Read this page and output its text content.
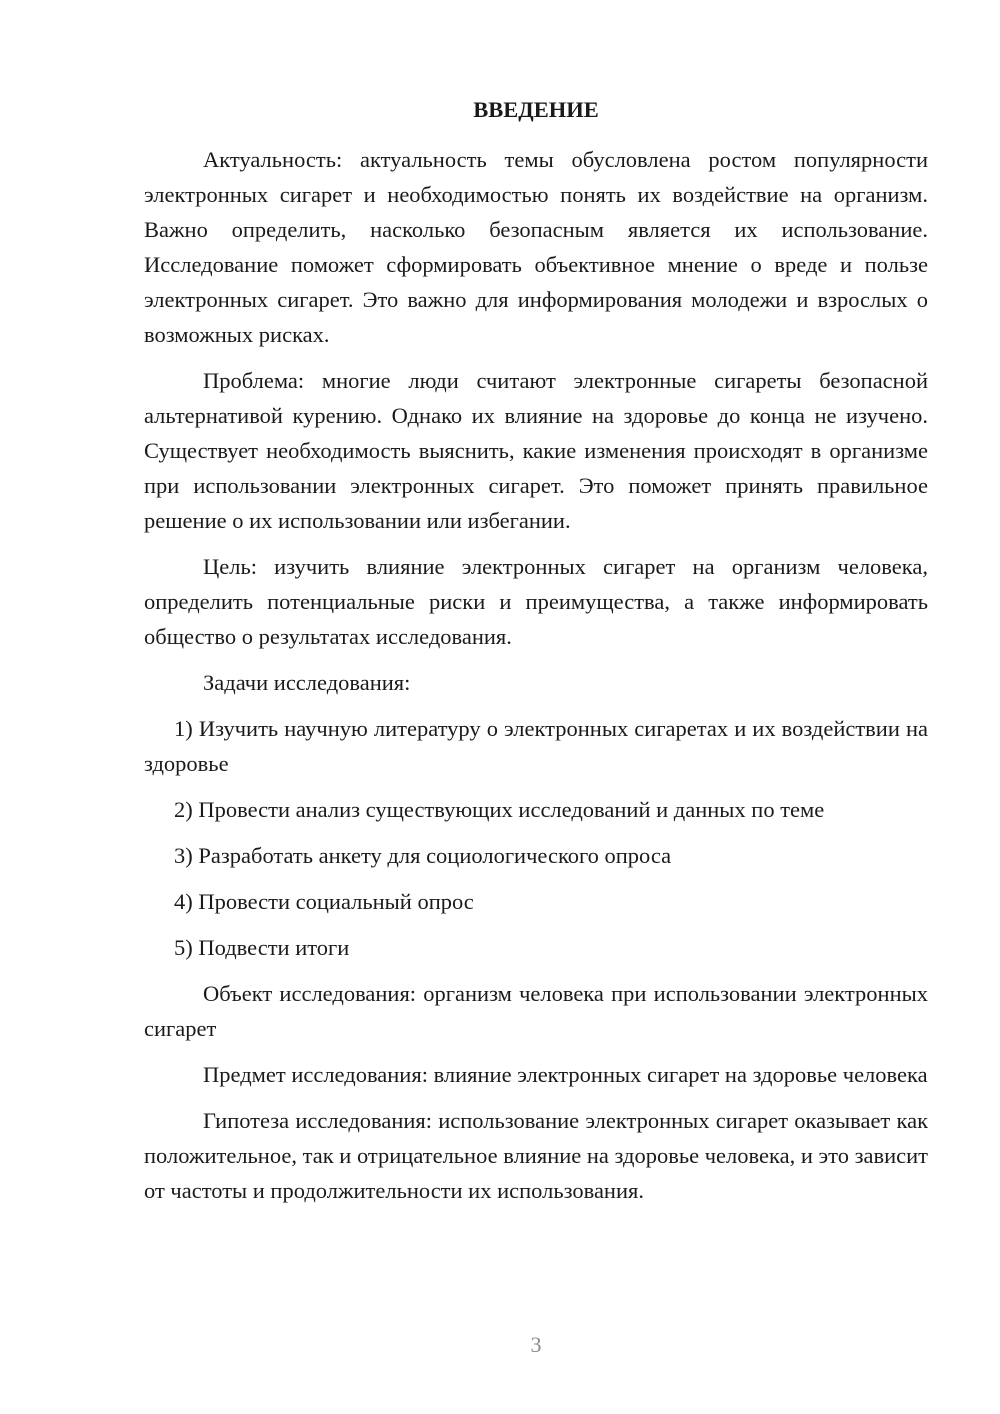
ВВЕДЕНИЕ

Актуальность: актуальность темы обусловлена ростом популярности электронных сигарет и необходимостью понять их воздействие на организм. Важно определить, насколько безопасным является их использование. Исследование поможет сформировать объективное мнение о вреде и пользе электронных сигарет. Это важно для информирования молодежи и взрослых о возможных рисках.

Проблема: многие люди считают электронные сигареты безопасной альтернативой курению. Однако их влияние на здоровье до конца не изучено. Существует необходимость выяснить, какие изменения происходят в организме при использовании электронных сигарет. Это поможет принять правильное решение о их использовании или избегании.

Цель: изучить влияние электронных сигарет на организм человека, определить потенциальные риски и преимущества, а также информировать общество о результатах исследования.

Задачи исследования:

1) Изучить научную литературу о электронных сигаретах и их воздействии на здоровье

2) Провести анализ существующих исследований и данных по теме

3) Разработать анкету для социологического опроса

4) Провести социальный опрос

5) Подвести итоги

Объект исследования: организм человека при использовании электронных сигарет

Предмет исследования: влияние электронных сигарет на здоровье человека

Гипотеза исследования: использование электронных сигарет оказывает как положительное, так и отрицательное влияние на здоровье человека, и это зависит от частоты и продолжительности их использования.

3
